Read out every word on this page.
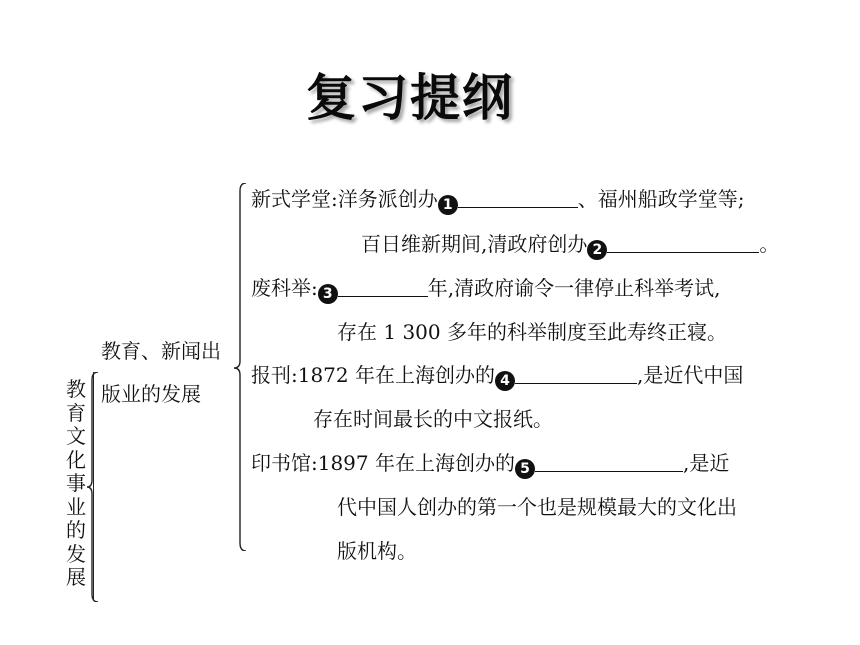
复习提纲
教育文化事业的发展
教育、新闻出
版业的发展
新式学堂:洋务派创办 1	、福州船政学堂等;
百日维新期间,清政府创办 2	。
废科举: 3	年,清政府谕令一律停止科举考试,
存在 1 300 多年的科举制度至此寿终正寝。
报刊:1872 年在上海创办的 4	,是近代中国
存在时间最长的中文报纸。
印书馆:1897 年在上海创办的 5	,是近
代中国人创办的第一个也是规模最大的文化出
版机构。
